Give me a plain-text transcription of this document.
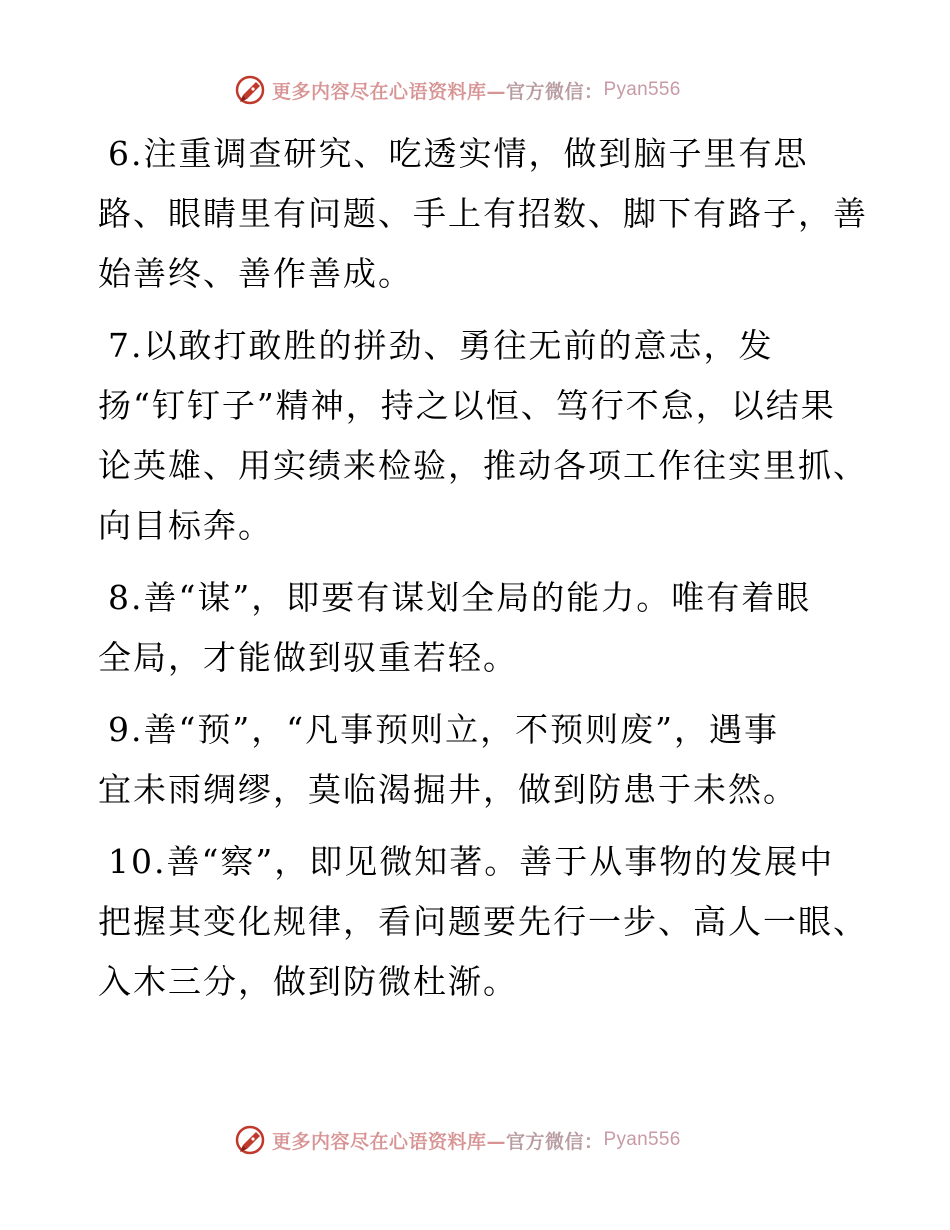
更多内容尽在心语资料库— 官方微信： Pyan556

6.注重调查研究、吃透实情，做到脑子里有思
路、眼睛里有问题、手上有招数、脚下有路子，善
始善终、善作善成。

7.以敢打敢胜的拼劲、勇往无前的意志，发
扬“钉钉子”精神，持之以恒、笃行不怠，以结果
论英雄、用实绩来检验，推动各项工作往实里抓、
向目标奔。

8.善“谋”，即要有谋划全局的能力。唯有着眼
全局，才能做到驭重若轻。

9.善“预”，“凡事预则立，不预则废”，遇事
宜未雨绸缪，莫临渴掘井，做到防患于未然。

10.善“察”，即见微知著。善于从事物的发展中
把握其变化规律，看问题要先行一步、高人一眼、
入木三分，做到防微杜渐。

更多内容尽在心语资料库— 官方微信： Pyan556
